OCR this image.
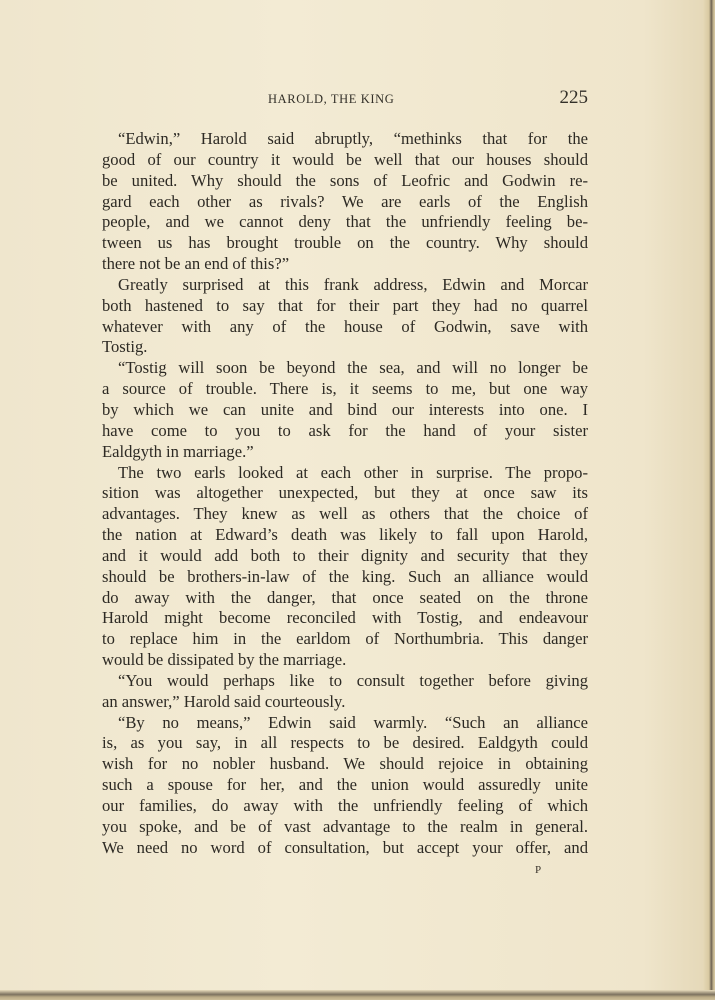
HAROLD, THE KING	225
“Edwin,” Harold said abruptly, “methinks that for the
good of our country it would be well that our houses should
be united. Why should the sons of Leofric and Godwin re-
gard each other as rivals? We are earls of the English
people, and we cannot deny that the unfriendly feeling be-
tween us has brought trouble on the country. Why should
there not be an end of this?”
Greatly surprised at this frank address, Edwin and Morcar
both hastened to say that for their part they had no quarrel
whatever with any of the house of Godwin, save with
Tostig.
“Tostig will soon be beyond the sea, and will no longer be
a source of trouble. There is, it seems to me, but one way
by which we can unite and bind our interests into one. I
have come to you to ask for the hand of your sister
Ealdgyth in marriage.”
The two earls looked at each other in surprise. The propo-
sition was altogether unexpected, but they at once saw its
advantages. They knew as well as others that the choice of
the nation at Edward’s death was likely to fall upon Harold,
and it would add both to their dignity and security that they
should be brothers-in-law of the king. Such an alliance would
do away with the danger, that once seated on the throne
Harold might become reconciled with Tostig, and endeavour
to replace him in the earldom of Northumbria. This danger
would be dissipated by the marriage.
“You would perhaps like to consult together before giving
an answer,” Harold said courteously.
“By no means,” Edwin said warmly. “Such an alliance
is, as you say, in all respects to be desired. Ealdgyth could
wish for no nobler husband. We should rejoice in obtaining
such a spouse for her, and the union would assuredly unite
our families, do away with the unfriendly feeling of which
you spoke, and be of vast advantage to the realm in general.
We need no word of consultation, but accept your offer, and
P
